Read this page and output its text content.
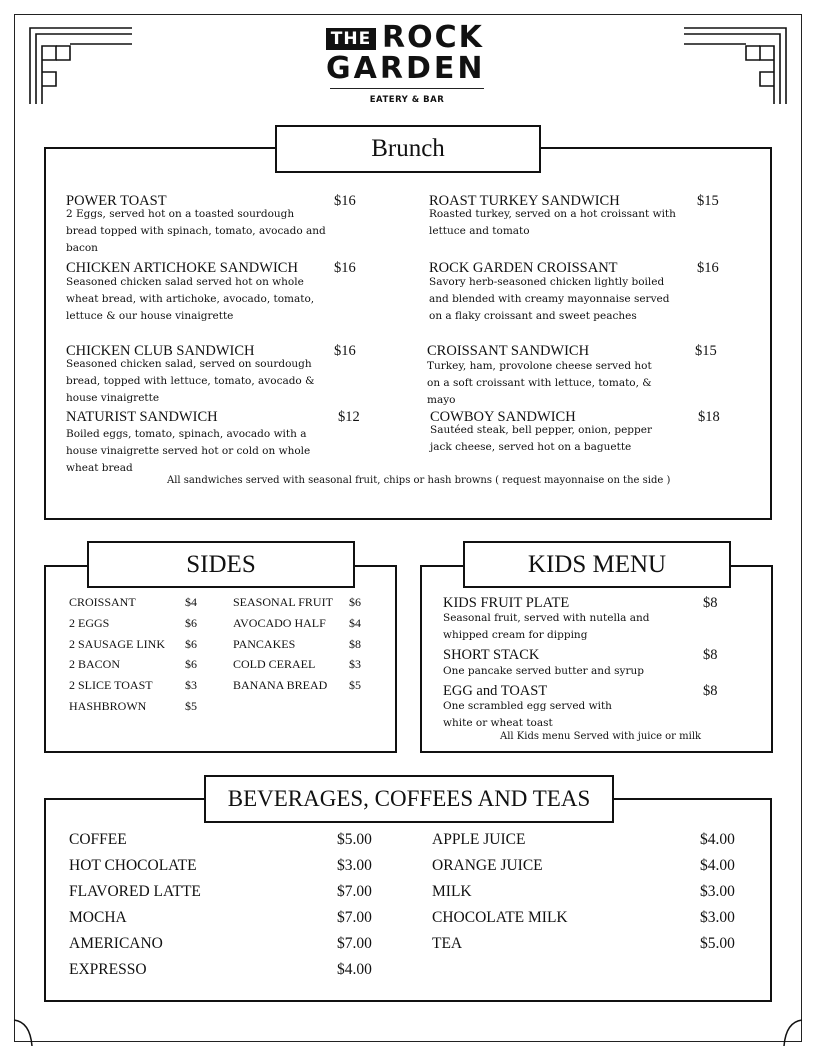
THE ROCK
GARDEN
EATERY & BAR
Brunch
POWER TOAST	$16
2 Eggs, served hot on a toasted sourdough bread topped with spinach, tomato, avocado and bacon
CHICKEN ARTICHOKE SANDWICH $16
Seasoned chicken salad served hot on whole wheat bread, with artichoke, avocado, tomato, lettuce & our house vinaigrette
CHICKEN CLUB SANDWICH	$16
Seasoned chicken salad, served on sourdough bread, topped with lettuce, tomato, avocado & house vinaigrette
NATURIST SANDWICH	$12
Boiled eggs, tomato, spinach, avocado with a house vinaigrette served hot or cold on whole wheat bread
ROAST TURKEY SANDWICH	$15
Roasted turkey, served on a hot croissant with lettuce and tomato
ROCK GARDEN CROISSANT	$16
Savory herb-seasoned chicken lightly boiled and blended with creamy mayonnaise served on a flaky croissant and sweet peaches
CROISSANT SANDWICH	$15
Turkey, ham, provolone cheese served hot on a soft croissant with lettuce, tomato, & mayo
COWBOY SANDWICH	$18
Sautéed steak, bell pepper, onion, pepper jack cheese, served hot on a baguette
All sandwiches served with seasonal fruit, chips or hash browns ( request mayonnaise on the side )
SIDES
CROISSANT	$4
2 EGGS	$6
2 SAUSAGE LINK $6
2 BACON	$6
2 SLICE TOAST	$3
HASHBROWN	$5
SEASONAL FRUIT $6
AVOCADO HALF $4
PANCAKES	$8
COLD CERAEL	$3
BANANA BREAD $5
KIDS MENU
KIDS FRUIT PLATE	$8
Seasonal fruit, served with nutella and whipped cream for dipping
SHORT STACK	$8
One pancake served butter and syrup
EGG and TOAST	$8
One scrambled egg served with white or wheat toast
All Kids menu Served with juice or milk
BEVERAGES, COFFEES AND TEAS
COFFEE	$5.00
HOT CHOCOLATE	$3.00
FLAVORED LATTE	$7.00
MOCHA	$7.00
AMERICANO	$7.00
EXPRESSO	$4.00
APPLE JUICE	$4.00
ORANGE JUICE	$4.00
MILK	$3.00
CHOCOLATE MILK	$3.00
TEA	$5.00
